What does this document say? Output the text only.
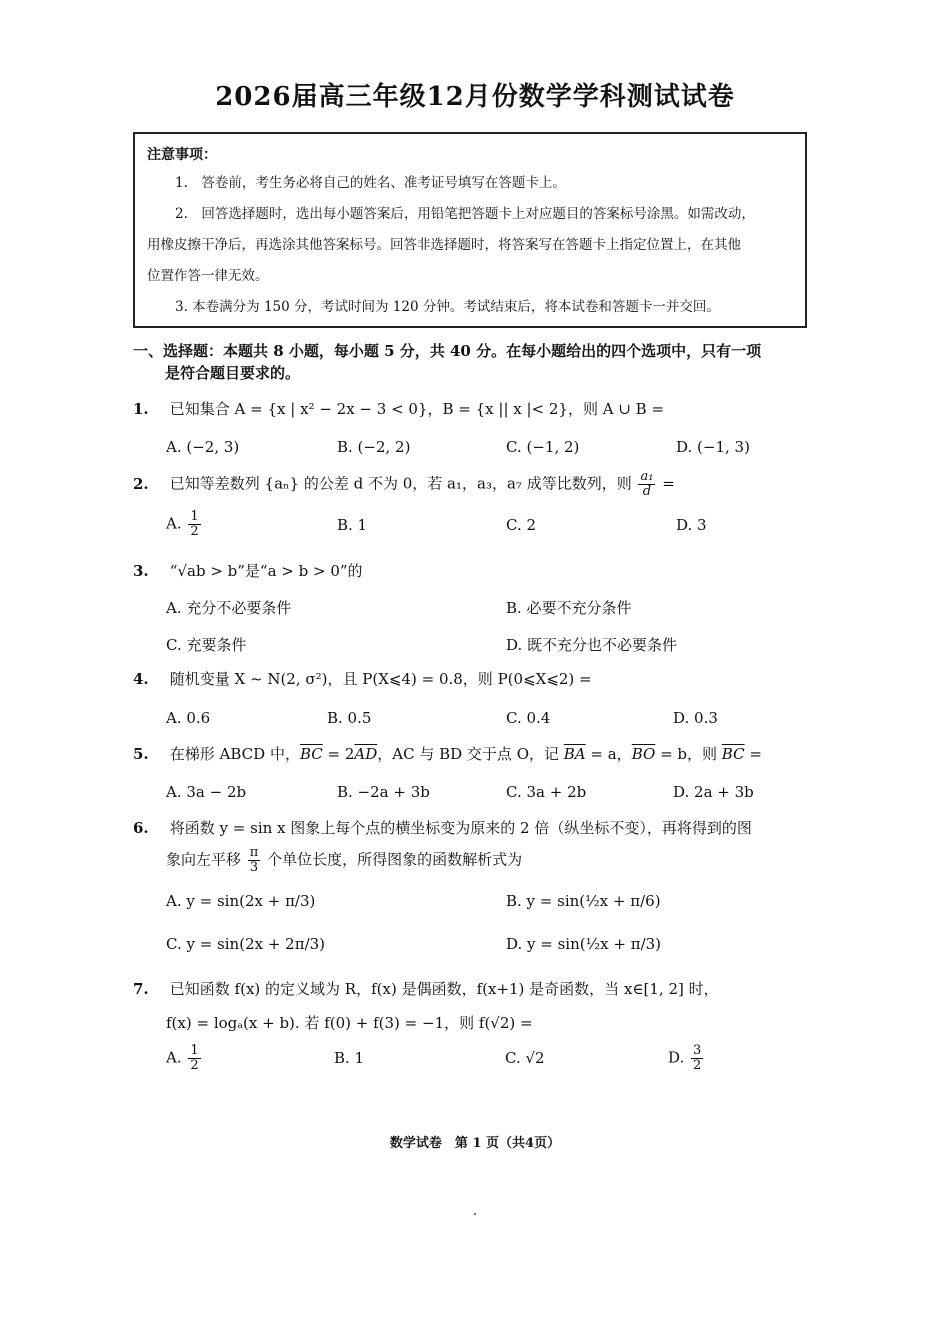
2026届高三年级12月份数学学科测试试卷
注意事项：

1.　答卷前，考生务必将自己的姓名、准考证号填写在答题卡上。

2.　回答选择题时，选出每小题答案后，用铅笔把答题卡上对应题目的答案标号涂黑。如需改动，

用橡皮擦干净后，再选涂其他答案标号。回答非选择题时，将答案写在答题卡上指定位置上，在其他

位置作答一律无效。

3. 本卷满分为 150 分，考试时间为 120 分钟。考试结束后，将本试卷和答题卡一并交回。

一、选择题：本题共 8 小题，每小题 5 分，共 40 分。在每小题给出的四个选项中，只有一项
是符合题目要求的。
1. 已知集合 A = {x | x² − 2x − 3 < 0}，B = {x || x |< 2}，则 A ∪ B =
A. (−2, 3)	B. (−2, 2)	C. (−1, 2)	D. (−1, 3)
2. 已知等差数列 {aₙ} 的公差 d 不为 0，若 a₁，a₃，a₇ 成等比数列，则 $\frac{\text{a₁}}{d}$ =
A. $\frac{1}{2}$	B. 1	C. 2	D. 3
3. “√ab > b”是“a > b > 0”的
A. 充分不必要条件	B. 必要不充分条件
C. 充要条件	D. 既不充分也不必要条件
4. 随机变量 X ~ N(2, σ²)，且 P(X⩽4) = 0.8，则 P(0⩽X⩽2) =
A. 0.6	B. 0.5	C. 0.4	D. 0.3
5. 在梯形 ABCD 中，$\overline{BC} = 2\overline{AD}$，AC 与 BD 交于点 O，记 $\overline{BA} = a$，$\overline{BO} = b$，则 $\overline{BC}$ =
A. 3a − 2b	B. −2a + 3b	C. 3a + 2b	D. 2a + 3b
6. 将函数 y = sin x 图象上每个点的横坐标变为原来的 2 倍（纵坐标不变），再将得到的图
象向左平移 $\frac{\pi}{3}$ 个单位长度，所得图象的函数解析式为
A. y = sin(2x + π/3)	B. y = sin(½x + π/6)
C. y = sin(2x + 2π/3)	D. y = sin(½x + π/3)
7. 已知函数 f(x) 的定义域为 R，f(x) 是偶函数，f(x+1) 是奇函数，当 x∈[1, 2] 时，
f(x) = logₐ(x + b). 若 f(0) + f(3) = −1，则 f(√2) =
A. $\frac{1}{2}$	B. 1	C. √2	D. $\frac{3}{2}$
数学试卷　第 1 页（共4页）
